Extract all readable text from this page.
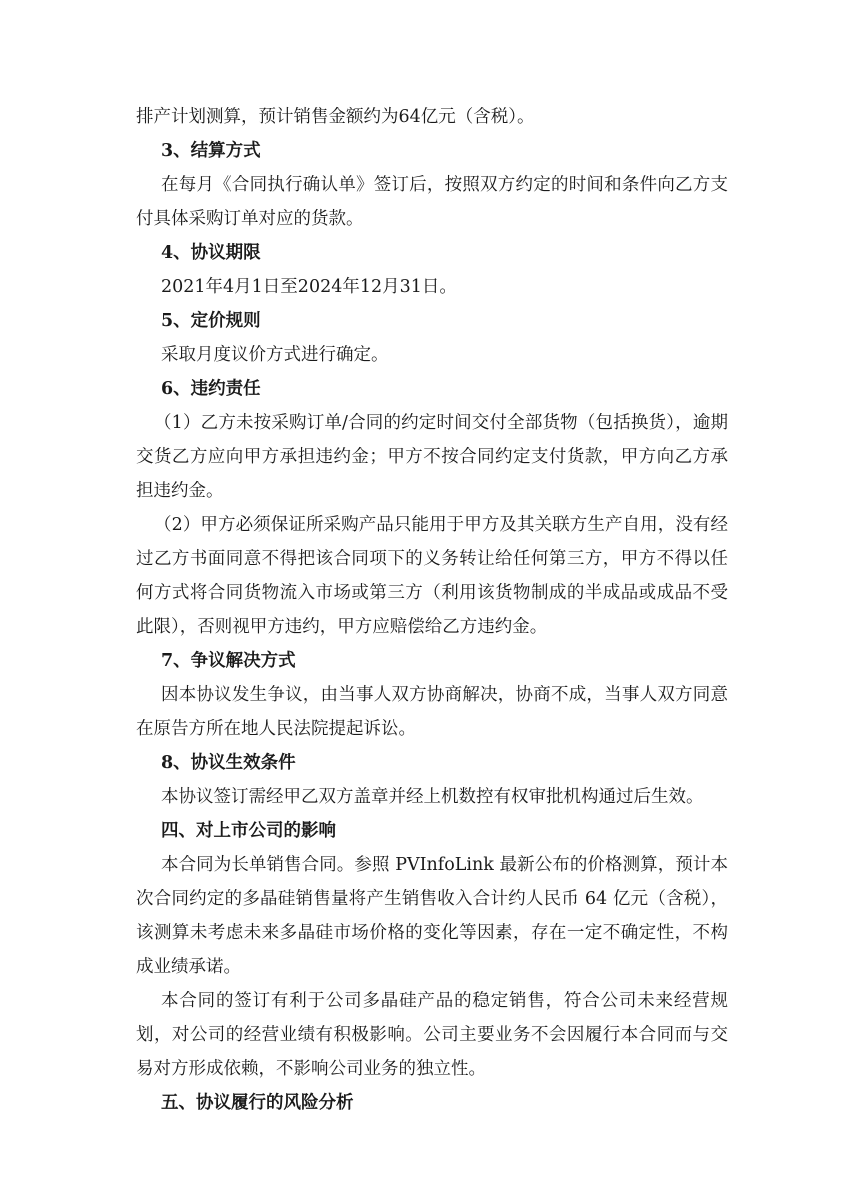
排产计划测算，预计销售金额约为64亿元（含税）。

3、结算方式

在每月《合同执行确认单》签订后，按照双方约定的时间和条件向乙方支付具体采购订单对应的货款。

4、协议期限

2021年4月1日至2024年12月31日。

5、定价规则

采取月度议价方式进行确定。

6、违约责任

（1）乙方未按采购订单/合同的约定时间交付全部货物（包括换货），逾期交货乙方应向甲方承担违约金；甲方不按合同约定支付货款，甲方向乙方承担违约金。

（2）甲方必须保证所采购产品只能用于甲方及其关联方生产自用，没有经过乙方书面同意不得把该合同项下的义务转让给任何第三方，甲方不得以任何方式将合同货物流入市场或第三方（利用该货物制成的半成品或成品不受此限），否则视甲方违约，甲方应赔偿给乙方违约金。

7、争议解决方式

因本协议发生争议，由当事人双方协商解决，协商不成，当事人双方同意在原告方所在地人民法院提起诉讼。

8、协议生效条件

本协议签订需经甲乙双方盖章并经上机数控有权审批机构通过后生效。

四、对上市公司的影响

本合同为长单销售合同。参照 PVInfoLink 最新公布的价格测算，预计本次合同约定的多晶硅销售量将产生销售收入合计约人民币 64 亿元（含税），该测算未考虑未来多晶硅市场价格的变化等因素，存在一定不确定性，不构成业绩承诺。

本合同的签订有利于公司多晶硅产品的稳定销售，符合公司未来经营规划，对公司的经营业绩有积极影响。公司主要业务不会因履行本合同而与交易对方形成依赖，不影响公司业务的独立性。

五、协议履行的风险分析
